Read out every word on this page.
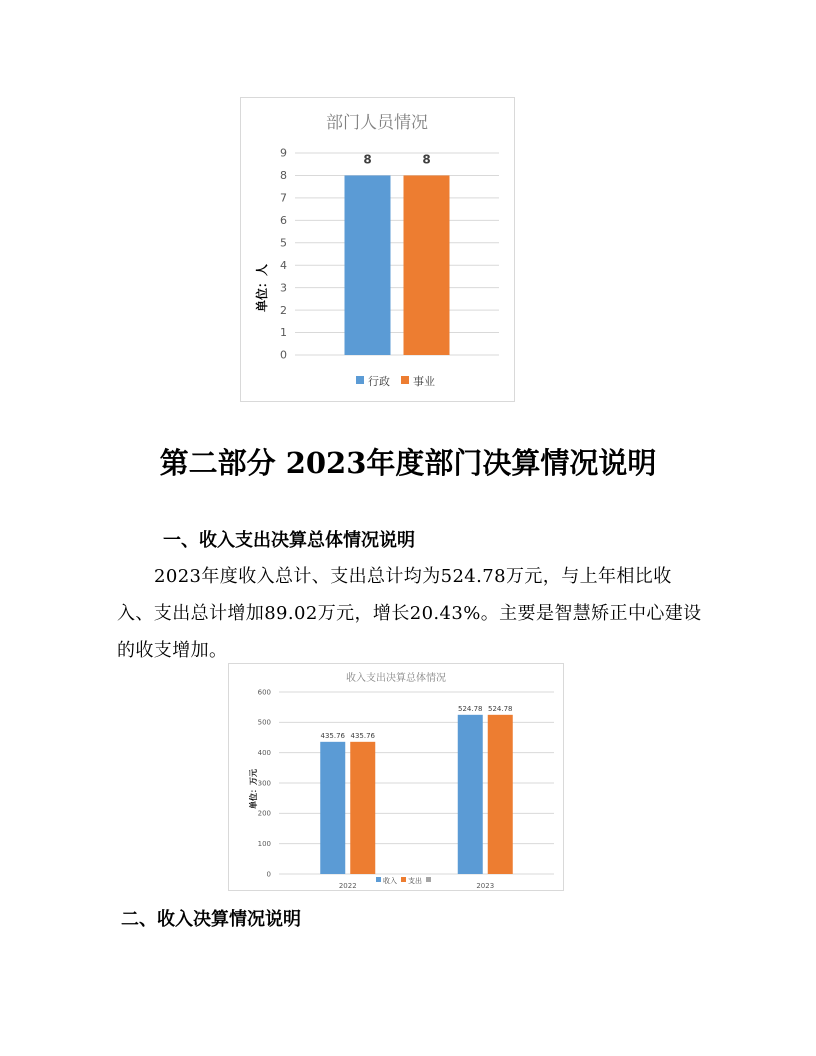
部门人员情况
单位：人
0
1
2
3
4
5
6
7
8
9	8	8
行政 事业
第二部分 2023年度部门决算情况说明
一、收入支出决算总体情况说明
2023年度收入总计、支出总计均为524.78万元，与上年相比收入、支出总计增加89.02万元，增长20.43%。主要是智慧矫正中心建设的收支增加。
收入支出决算总体情况
单位：万元
0
100
200
300
400
500
600
435.76 435.76
2022
524.78 524.78
2023
收入 支出
二、收入决算情况说明
